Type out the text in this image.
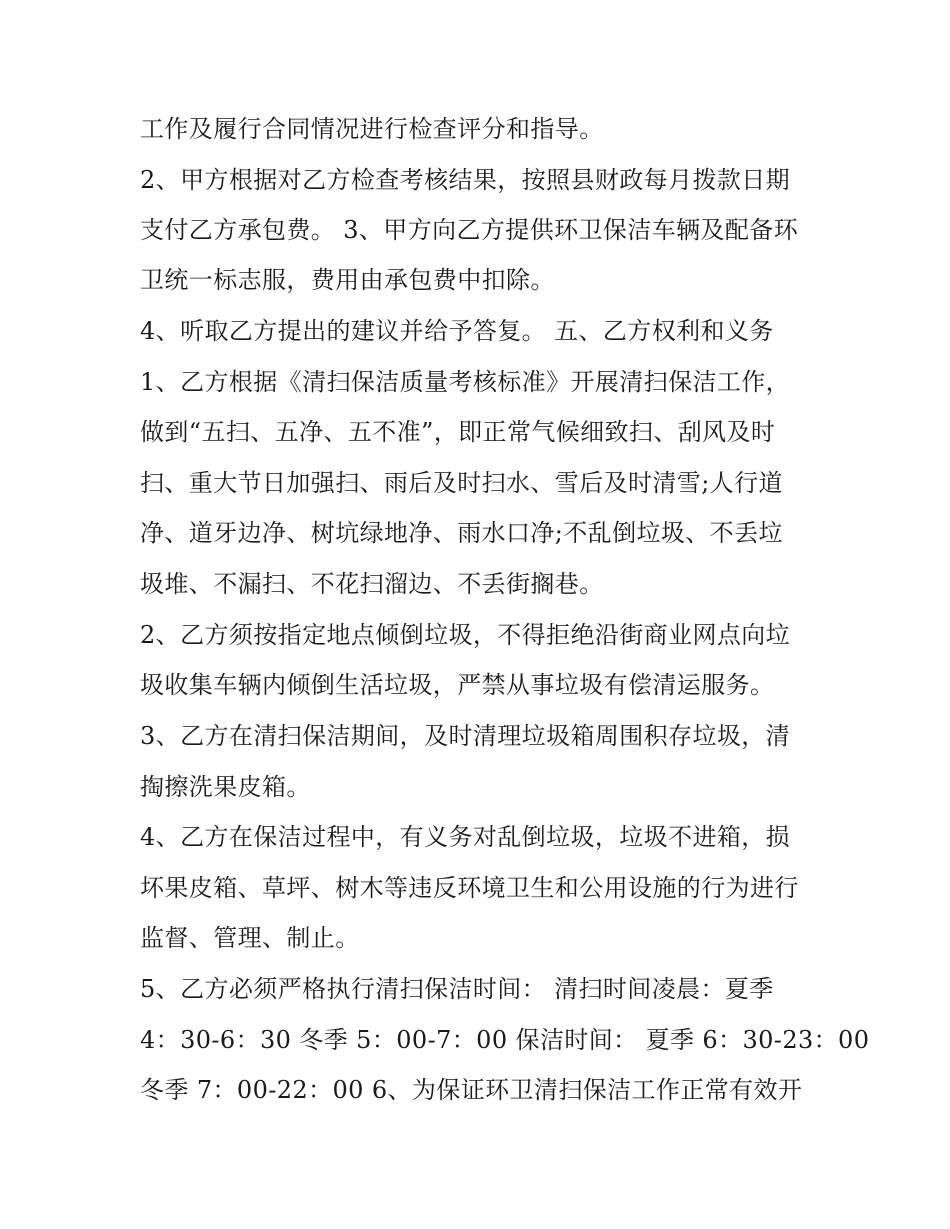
工作及履行合同情况进行检查评分和指导。
2、甲方根据对乙方检查考核结果，按照县财政每月拨款日期
支付乙方承包费。 3、甲方向乙方提供环卫保洁车辆及配备环
卫统一标志服，费用由承包费中扣除。
4、听取乙方提出的建议并给予答复。 五、乙方权利和义务
1、乙方根据《清扫保洁质量考核标准》开展清扫保洁工作，
做到“五扫、五净、五不准”，即正常气候细致扫、刮风及时
扫、重大节日加强扫、雨后及时扫水、雪后及时清雪;人行道
净、道牙边净、树坑绿地净、雨水口净;不乱倒垃圾、不丢垃
圾堆、不漏扫、不花扫溜边、不丢街搁巷。
2、乙方须按指定地点倾倒垃圾，不得拒绝沿街商业网点向垃
圾收集车辆内倾倒生活垃圾，严禁从事垃圾有偿清运服务。
3、乙方在清扫保洁期间，及时清理垃圾箱周围积存垃圾，清
掏擦洗果皮箱。
4、乙方在保洁过程中，有义务对乱倒垃圾，垃圾不进箱，损
坏果皮箱、草坪、树木等违反环境卫生和公用设施的行为进行
监督、管理、制止。
5、乙方必须严格执行清扫保洁时间： 清扫时间凌晨：夏季
4：30-6：30 冬季 5：00-7：00 保洁时间： 夏季 6：30-23：00
冬季 7：00-22：00 6、为保证环卫清扫保洁工作正常有效开
